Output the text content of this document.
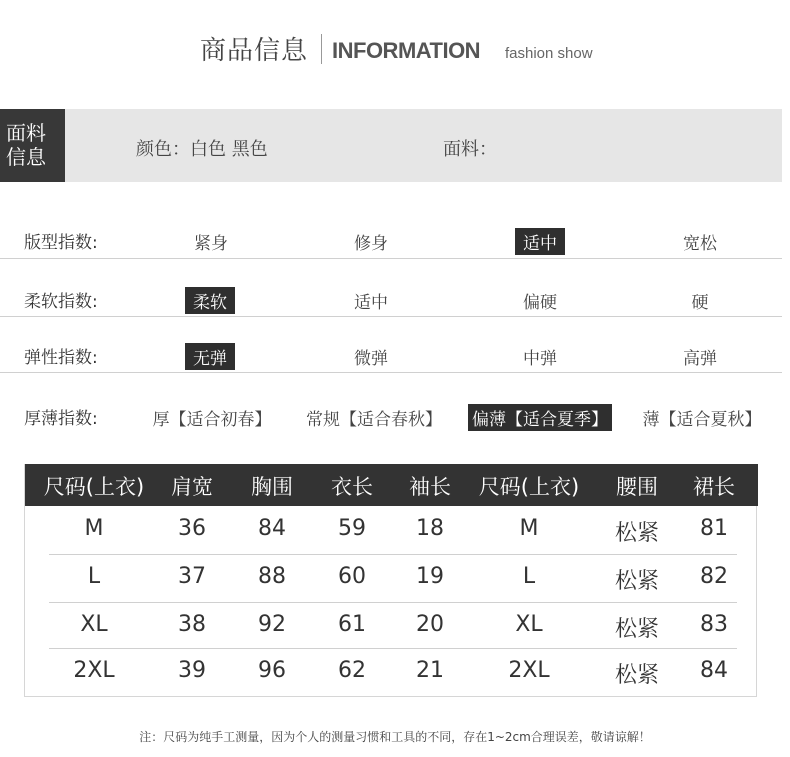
商品信息 INFORMATION fashion show
面料
信息	颜色：白色 黑色	面料：
版型指数:	紧身	修身	适中	宽松
柔软指数:	柔软	适中	偏硬	硬
弹性指数:	无弹	微弹	中弹	高弹
厚薄指数:	厚【适合初春】 常规【适合春秋】 偏薄【适合夏季】 薄【适合夏秋】
尺码(上衣) 肩宽 胸围 衣长 袖长 尺码(上衣) 腰围 裙长
M	36 84 59 18	M	松紧 81
L	37 88 60 19	L	松紧 82
XL	38 92 61 20	XL	松紧 83
2XL	39 96 62 21	2XL	松紧 84
注：尺码为纯手工测量，因为个人的测量习惯和工具的不同，存在1~2cm合理误差，敬请谅解！
